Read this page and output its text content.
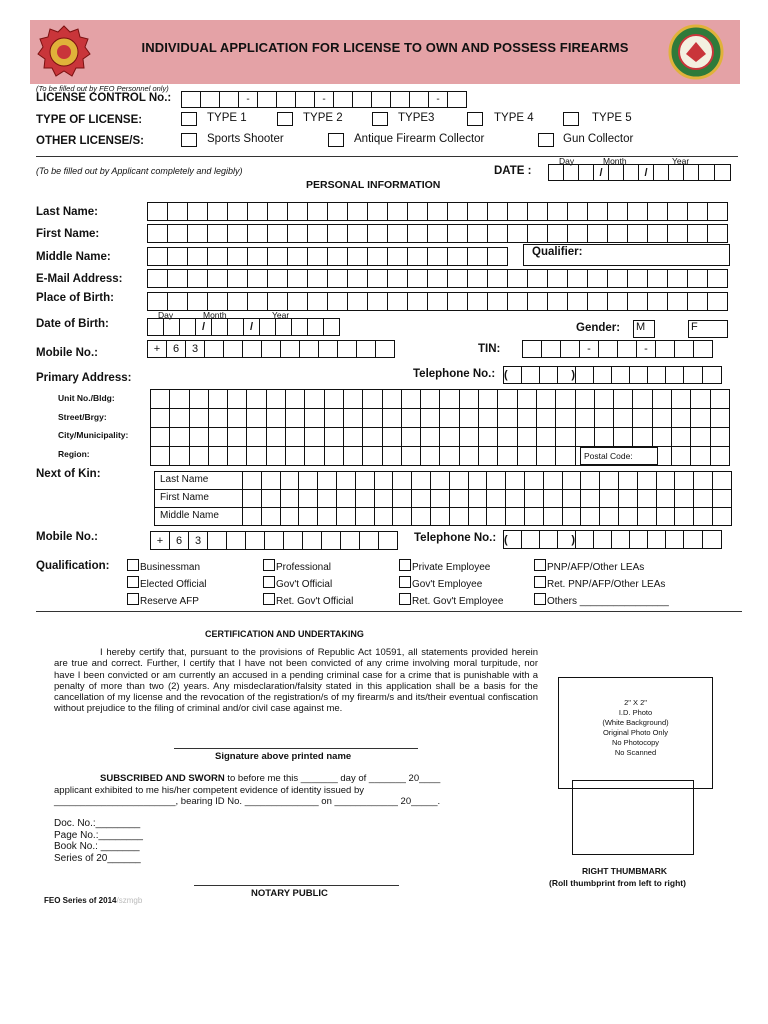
INDIVIDUAL APPLICATION FOR LICENSE TO OWN AND POSSESS FIREARMS
(To be filled out by FEO Personnel only)
LICENSE CONTROL No.:
				-				-						-	
TYPE OF LICENSE:	TYPE 1	TYPE 2	TYPE3	TYPE 4	TYPE 5
OTHER LICENSE/S:	Sports Shooter	Antique Firearm Collector	Gun Collector
(To be filled out by Applicant completely and legibly)
PERSONAL INFORMATION
DATE :
Day	Month	Year
			/			/					
Last Name:
First Name:
Middle Name:
E-Mail Address:
Place of Birth:

Qualifier:

Date of Birth:
Day	Month	Year
			/			/						Gender: M	F
Mobile No.:	+	6	3											TIN:
				-			-			
Primary Address:	Telephone No.: (			)								
Unit No./Bldg:
Street/Brgy:
City/Municipality:
Region:

																														Postal Code:
Next of Kin:

																											Last Name
First Name
Middle Name
Mobile No.:	+	6	3											Telephone No.: (			)								
Qualification:	Businessman	Professional	Private Employee	PNP/AFP/Other LEAs
Elected Official	Gov't Official	Gov't Employee	Ret. PNP/AFP/Other LEAs
Reserve AFP	Ret. Gov't Official	Ret. Gov't Employee	Others ________________
CERTIFICATION AND UNDERTAKING
I hereby certify that, pursuant to the provisions of Republic Act 10591, all statements provided herein are true and correct. Further, I certify that I have not been convicted of any crime involving moral turpitude, nor have I been convicted or am currently an accused in a pending criminal case for a crime that is punishable with a penalty of more than two (2) years. Any misdeclaration/falsity stated in this application shall be a basis for the cancellation of my license and the revocation of the registration/s of my firearm/s and its/their eventual confiscation without prejudice to the filing of criminal and/or civil case against me.
Signature above printed name
2" X 2"
I.D. Photo
(White Background)
Original Photo Only
No Photocopy
No Scanned
SUBSCRIBED AND SWORN to before me this _______ day of _______ 20____
applicant exhibited to me his/her competent evidence of identity issued by
_______________________, bearing ID No. ______________ on ____________ 20_____.
Doc. No.:________
Page No.:________
Book No.: _______
Series of 20______
RIGHT THUMBMARK
(Roll thumbprint from left to right)
NOTARY PUBLIC
FEO Series of 2014/szmgb
